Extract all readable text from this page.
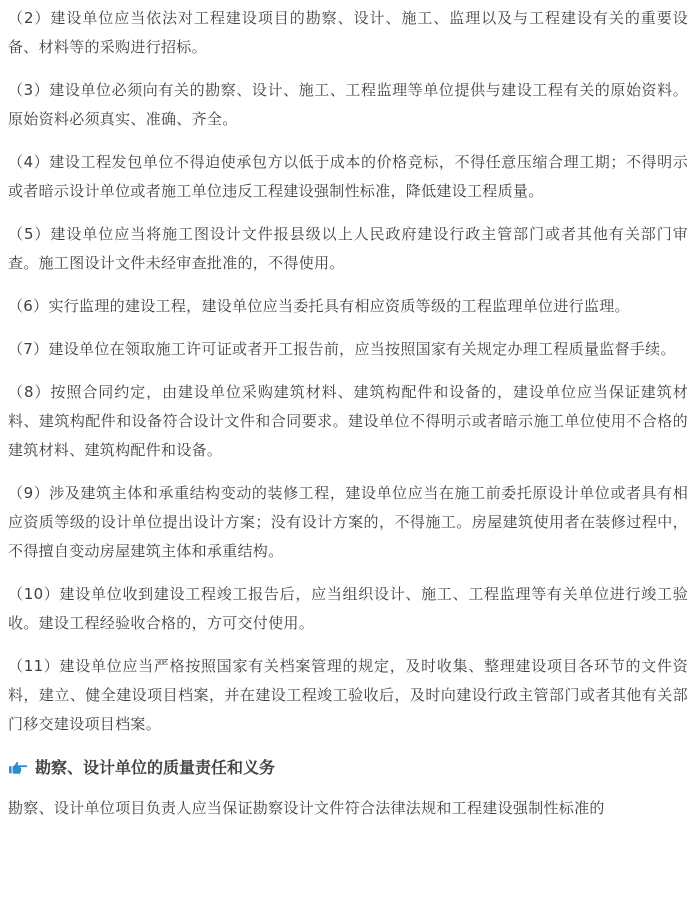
（2）建设单位应当依法对工程建设项目的勘察、设计、施工、监理以及与工程建设有关的重要设备、材料等的采购进行招标。

（3）建设单位必须向有关的勘察、设计、施工、工程监理等单位提供与建设工程有关的原始资料。原始资料必须真实、准确、齐全。

（4）建设工程发包单位不得迫使承包方以低于成本的价格竞标，不得任意压缩合理工期；不得明示或者暗示设计单位或者施工单位违反工程建设强制性标准，降低建设工程质量。

（5）建设单位应当将施工图设计文件报县级以上人民政府建设行政主管部门或者其他有关部门审查。施工图设计文件未经审查批准的，不得使用。

（6）实行监理的建设工程，建设单位应当委托具有相应资质等级的工程监理单位进行监理。

（7）建设单位在领取施工许可证或者开工报告前，应当按照国家有关规定办理工程质量监督手续。

（8）按照合同约定，由建设单位采购建筑材料、建筑构配件和设备的，建设单位应当保证建筑材料、建筑构配件和设备符合设计文件和合同要求。建设单位不得明示或者暗示施工单位使用不合格的建筑材料、建筑构配件和设备。

（9）涉及建筑主体和承重结构变动的装修工程，建设单位应当在施工前委托原设计单位或者具有相应资质等级的设计单位提出设计方案；没有设计方案的，不得施工。房屋建筑使用者在装修过程中，不得擅自变动房屋建筑主体和承重结构。

（10）建设单位收到建设工程竣工报告后，应当组织设计、施工、工程监理等有关单位进行竣工验收。建设工程经验收合格的，方可交付使用。

（11）建设单位应当严格按照国家有关档案管理的规定，及时收集、整理建设项目各环节的文件资料，建立、健全建设项目档案，并在建设工程竣工验收后，及时向建设行政主管部门或者其他有关部门移交建设项目档案。

勘察、设计单位的质量责任和义务

勘察、设计单位项目负责人应当保证勘察设计文件符合法律法规和工程建设强制性标准的
